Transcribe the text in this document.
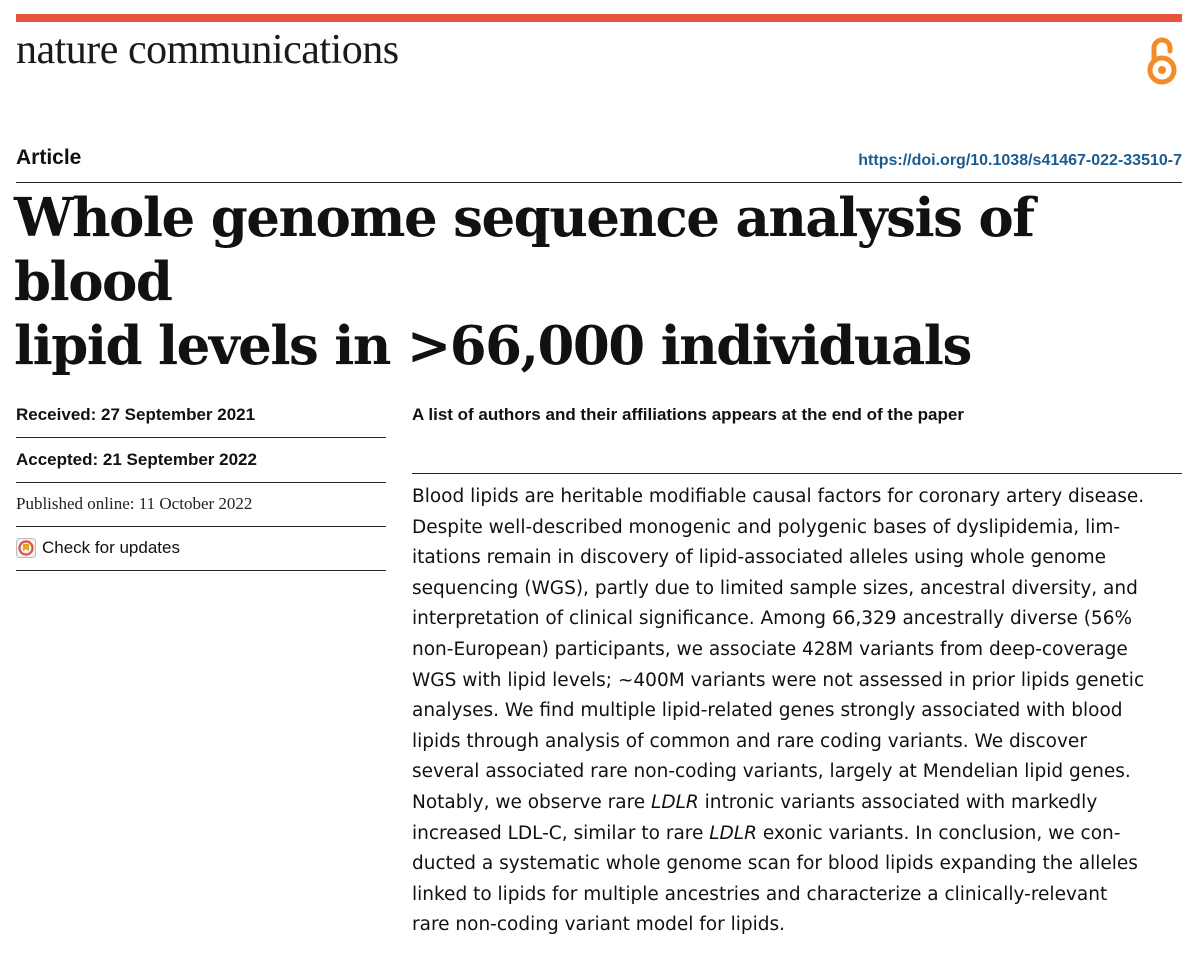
nature communications
Article	https://doi.org/10.1038/s41467-022-33510-7
Whole genome sequence analysis of blood
lipid levels in >66,000 individuals
Received: 27 September 2021
Accepted: 21 September 2022
Published online: 11 October 2022
Check for updates
A list of authors and their affiliations appears at the end of the paper
Blood lipids are heritable modifiable causal factors for coronary artery disease.
Despite well-described monogenic and polygenic bases of dyslipidemia, lim-
itations remain in discovery of lipid-associated alleles using whole genome
sequencing (WGS), partly due to limited sample sizes, ancestral diversity, and
interpretation of clinical significance. Among 66,329 ancestrally diverse (56%
non-European) participants, we associate 428M variants from deep-coverage
WGS with lipid levels; ~400M variants were not assessed in prior lipids genetic
analyses. We find multiple lipid-related genes strongly associated with blood
lipids through analysis of common and rare coding variants. We discover
several associated rare non-coding variants, largely at Mendelian lipid genes.
Notably, we observe rare LDLR intronic variants associated with markedly
increased LDL-C, similar to rare LDLR exonic variants. In conclusion, we con-
ducted a systematic whole genome scan for blood lipids expanding the alleles
linked to lipids for multiple ancestries and characterize a clinically-relevant
rare non-coding variant model for lipids.
